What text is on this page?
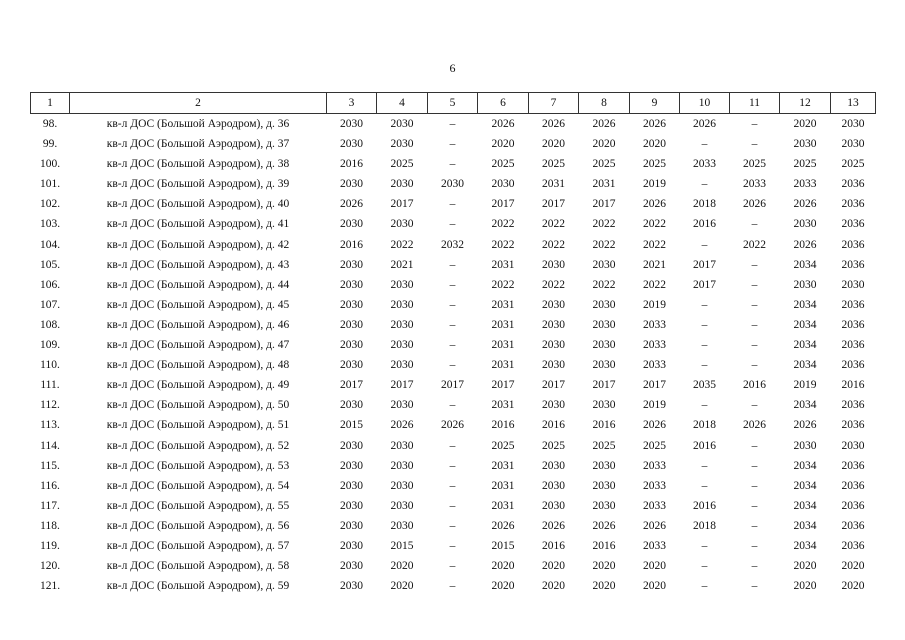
6
1	2	3	4	5	6	7	8	9	10	11	12	13
98.	кв-л ДОС (Большой Аэродром), д. 36	2030	2030	–	2026	2026	2026	2026	2026	–	2020	2030
99.	кв-л ДОС (Большой Аэродром), д. 37	2030	2030	–	2020	2020	2020	2020	–	–	2030	2030
100.	кв-л ДОС (Большой Аэродром), д. 38	2016	2025	–	2025	2025	2025	2025	2033	2025	2025	2025
101.	кв-л ДОС (Большой Аэродром), д. 39	2030	2030	2030	2030	2031	2031	2019	–	2033	2033	2036
102.	кв-л ДОС (Большой Аэродром), д. 40	2026	2017	–	2017	2017	2017	2026	2018	2026	2026	2036
103.	кв-л ДОС (Большой Аэродром), д. 41	2030	2030	–	2022	2022	2022	2022	2016	–	2030	2036
104.	кв-л ДОС (Большой Аэродром), д. 42	2016	2022	2032	2022	2022	2022	2022	–	2022	2026	2036
105.	кв-л ДОС (Большой Аэродром), д. 43	2030	2021	–	2031	2030	2030	2021	2017	–	2034	2036
106.	кв-л ДОС (Большой Аэродром), д. 44	2030	2030	–	2022	2022	2022	2022	2017	–	2030	2030
107.	кв-л ДОС (Большой Аэродром), д. 45	2030	2030	–	2031	2030	2030	2019	–	–	2034	2036
108.	кв-л ДОС (Большой Аэродром), д. 46	2030	2030	–	2031	2030	2030	2033	–	–	2034	2036
109.	кв-л ДОС (Большой Аэродром), д. 47	2030	2030	–	2031	2030	2030	2033	–	–	2034	2036
110.	кв-л ДОС (Большой Аэродром), д. 48	2030	2030	–	2031	2030	2030	2033	–	–	2034	2036
111.	кв-л ДОС (Большой Аэродром), д. 49	2017	2017	2017	2017	2017	2017	2017	2035	2016	2019	2016
112.	кв-л ДОС (Большой Аэродром), д. 50	2030	2030	–	2031	2030	2030	2019	–	–	2034	2036
113.	кв-л ДОС (Большой Аэродром), д. 51	2015	2026	2026	2016	2016	2016	2026	2018	2026	2026	2036
114.	кв-л ДОС (Большой Аэродром), д. 52	2030	2030	–	2025	2025	2025	2025	2016	–	2030	2030
115.	кв-л ДОС (Большой Аэродром), д. 53	2030	2030	–	2031	2030	2030	2033	–	–	2034	2036
116.	кв-л ДОС (Большой Аэродром), д. 54	2030	2030	–	2031	2030	2030	2033	–	–	2034	2036
117.	кв-л ДОС (Большой Аэродром), д. 55	2030	2030	–	2031	2030	2030	2033	2016	–	2034	2036
118.	кв-л ДОС (Большой Аэродром), д. 56	2030	2030	–	2026	2026	2026	2026	2018	–	2034	2036
119.	кв-л ДОС (Большой Аэродром), д. 57	2030	2015	–	2015	2016	2016	2033	–	–	2034	2036
120.	кв-л ДОС (Большой Аэродром), д. 58	2030	2020	–	2020	2020	2020	2020	–	–	2020	2020
121.	кв-л ДОС (Большой Аэродром), д. 59	2030	2020	–	2020	2020	2020	2020	–	–	2020	2020
